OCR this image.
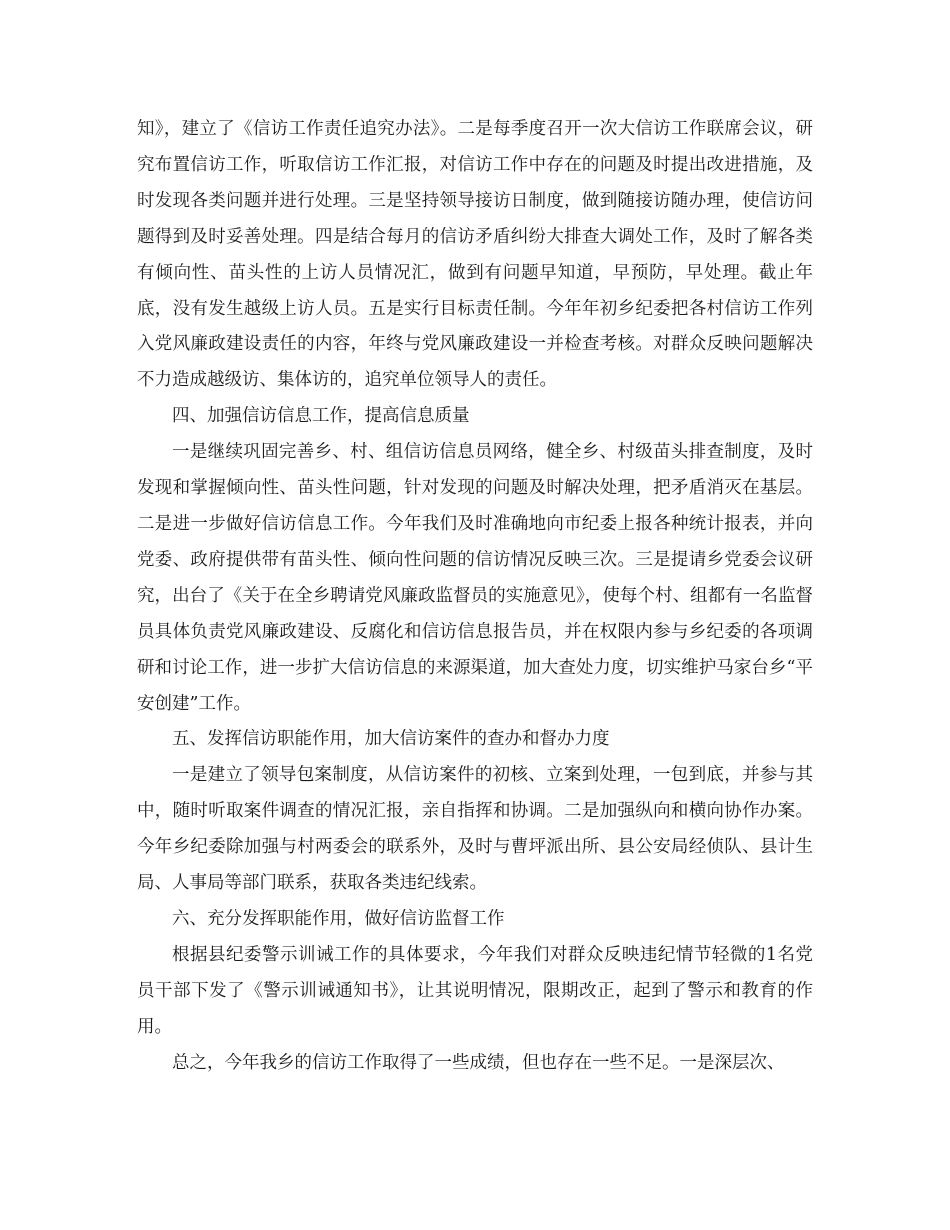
知》，建立了《信访工作责任追究办法》。二是每季度召开一次大信访工作联席会议，研究布置信访工作，听取信访工作汇报，对信访工作中存在的问题及时提出改进措施，及时发现各类问题并进行处理。三是坚持领导接访日制度，做到随接访随办理，使信访问题得到及时妥善处理。四是结合每月的信访矛盾纠纷大排查大调处工作，及时了解各类有倾向性、苗头性的上访人员情况汇，做到有问题早知道，早预防，早处理。截止年底，没有发生越级上访人员。五是实行目标责任制。今年年初乡纪委把各村信访工作列入党风廉政建设责任的内容，年终与党风廉政建设一并检查考核。对群众反映问题解决不力造成越级访、集体访的，追究单位领导人的责任。

四、加强信访信息工作，提高信息质量

一是继续巩固完善乡、村、组信访信息员网络，健全乡、村级苗头排查制度，及时发现和掌握倾向性、苗头性问题，针对发现的问题及时解决处理，把矛盾消灭在基层。二是进一步做好信访信息工作。今年我们及时准确地向市纪委上报各种统计报表，并向党委、政府提供带有苗头性、倾向性问题的信访情况反映三次。三是提请乡党委会议研究，出台了《关于在全乡聘请党风廉政监督员的实施意见》，使每个村、组都有一名监督员具体负责党风廉政建设、反腐化和信访信息报告员，并在权限内参与乡纪委的各项调研和讨论工作，进一步扩大信访信息的来源渠道，加大查处力度，切实维护马家台乡“平安创建”工作。

五、发挥信访职能作用，加大信访案件的查办和督办力度

一是建立了领导包案制度，从信访案件的初核、立案到处理，一包到底，并参与其中，随时听取案件调查的情况汇报，亲自指挥和协调。二是加强纵向和横向协作办案。今年乡纪委除加强与村两委会的联系外，及时与曹坪派出所、县公安局经侦队、县计生局、人事局等部门联系，获取各类违纪线索。

六、充分发挥职能作用，做好信访监督工作

根据县纪委警示训诫工作的具体要求，今年我们对群众反映违纪情节轻微的1名党员干部下发了《警示训诫通知书》，让其说明情况，限期改正，起到了警示和教育的作用。

总之，今年我乡的信访工作取得了一些成绩，但也存在一些不足。一是深层次、
